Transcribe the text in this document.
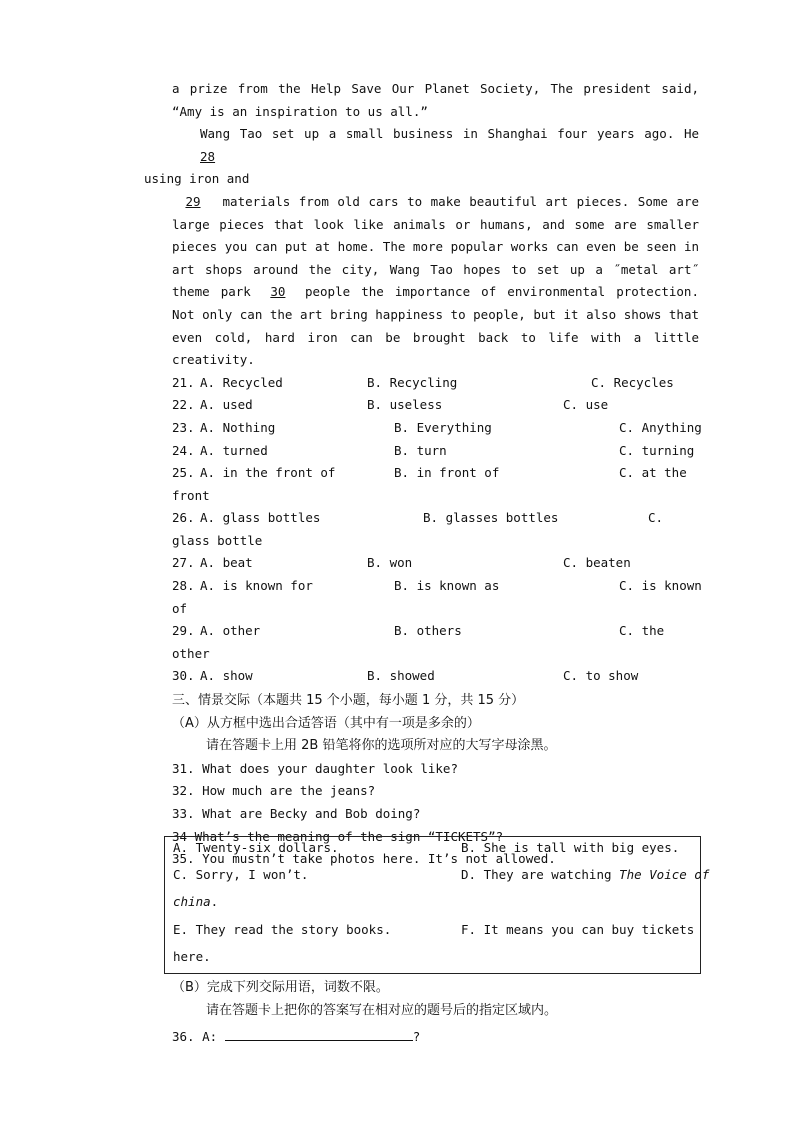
a prize from the Help Save Our Planet Society, The president said, “Amy is an inspiration to us all.”

Wang Tao set up a small business in Shanghai four years ago. He 28
using iron and

29 materials from old cars to make beautiful art pieces. Some are large pieces that look like animals or humans, and some are smaller pieces you can put at home. The more popular works can even be seen in art shops around the city, Wang Tao hopes to set up a ˝metal art˝ theme park 30 people the importance of environmental protection. Not only can the art bring happiness to people, but it also shows that even cold, hard iron can be brought back to life with a little creativity.

21. A. Recycled	B. Recycling	C. Recycles
22. A. used	B. useless	C. use
23. A. Nothing	B. Everything	C. Anything
24. A. turned	B. turn	C. turning
25. A. in the front of	B. in front of	C. at the
front
26. A. glass bottles	B. glasses bottles	C.
glass bottle
27. A. beat	B. won	C. beaten
28. A. is known for	B. is known as	C. is known
of
29. A. other	B. others	C. the
other
30. A. show	B. showed	C. to show
三、情景交际（本题共 15 个小题，每小题 1 分，共 15 分）
（A）从方框中选出合适答语（其中有一项是多余的）
请在答题卡上用 2B 铅笔将你的选项所对应的大写字母涂黑。
31. What does your daughter look like?
32. How much are the jeans?
33. What are Becky and Bob doing?
34 What’s the meaning of the sign “TICKETS”?
35. You mustn’t take photos here. It’s not allowed.
A. Twenty-six dollars.	B. She is tall with big eyes.
C. Sorry, I won’t.	D. They are watching The Voice of
china.
E. They read the story books.	F. It means you can buy tickets
here.
（B）完成下列交际用语，词数不限。
请在答题卡上把你的答案写在相对应的题号后的指定区域内。
36. A:	?
